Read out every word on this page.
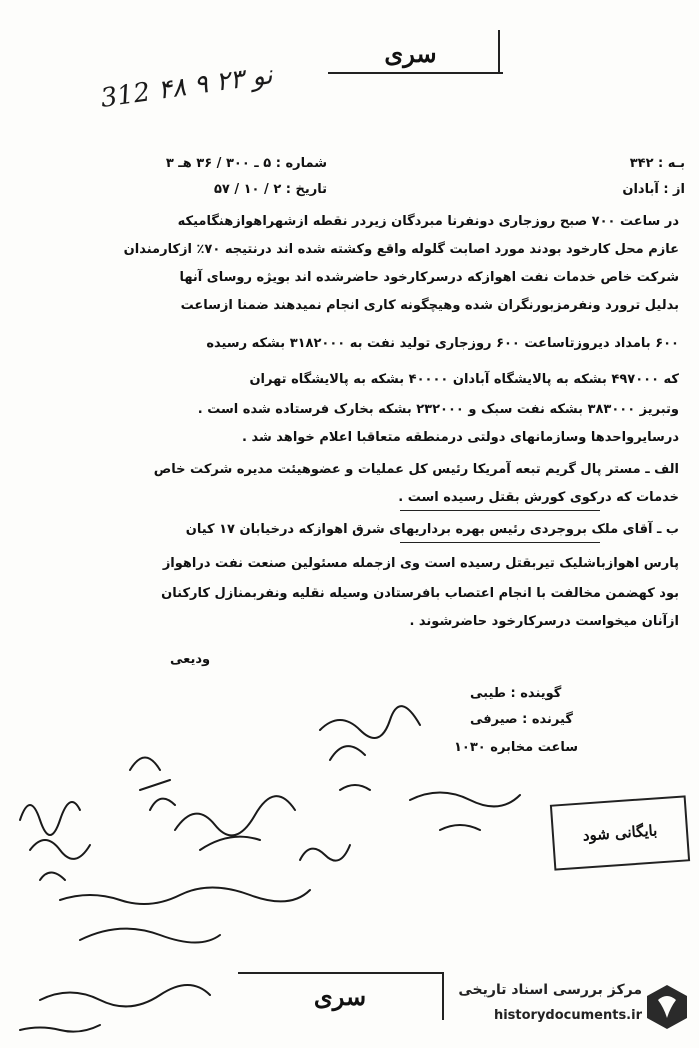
سری
312 ۴۸ ۹ ۲۳ نو
بـه : ۳۴۲
شماره : ۵ ـ ۳۰۰ / ۳۶ هـ ۳
از : آبادان
تاریخ : ۲ / ۱۰ / ۵۷
در ساعت ۷۰۰ صبح روزجاری دونفرنا مبردگان زیردر نقطه ازشهراهوازهنگامیکه
عازم محل کارخود بودند مورد اصابت گلوله واقع وکشته شده اند درنتیجه ۷۰٪ ازکارمندان
شرکت خاص خدمات نفت اهوازکه درسرکارخود حاضرشده اند بویژه روسای آنها
بدلیل ترورد ونفرمزبورنگران شده وهیچگونه کاری انجام نمیدهند ضمنا ازساعت
۶۰۰ بامداد دیروزتاساعت ۶۰۰ روزجاری تولید نفت به ۳۱۸۲۰۰۰ بشکه رسیده
که ۴۹۷۰۰۰ بشکه به پالایشگاه آبادان ۴۰۰۰۰ بشکه به پالایشگاه تهران
وتبریز ۳۸۳۰۰۰ بشکه نفت سبک و ۲۳۲۰۰۰ بشکه بخارک فرستاده شده است .
درسایرواحدها وسازمانهای دولتی درمنطقه متعاقبا اعلام خواهد شد .
الف ـ مستر پال گریم تبعه آمریکا رئیس کل عملیات و عضوهیئت مدیره شرکت خاص
خدمات که درکوی کورش بقتل رسیده است .
ب ـ آقای ملک بروجردی رئیس بهره برداریهای شرق اهوازکه درخیابان ۱۷ کیان
پارس اهوازباشلیک تیربقتل رسیده است وی ازجمله مسئولین صنعت نفت دراهواز
بود کهضمن مخالفت با انجام اعتصاب بافرستادن وسیله نقلیه ونفربمنازل کارکنان
ازآنان میخواست درسرکارخود حاضرشوند .
ودیعی
گوینده : طیبی
گیرنده : صیرفی
ساعت مخابره ۱۰۳۰
بایگانی شود
سری	مرکز بررسی اسناد تاریخی
historydocuments.ir
